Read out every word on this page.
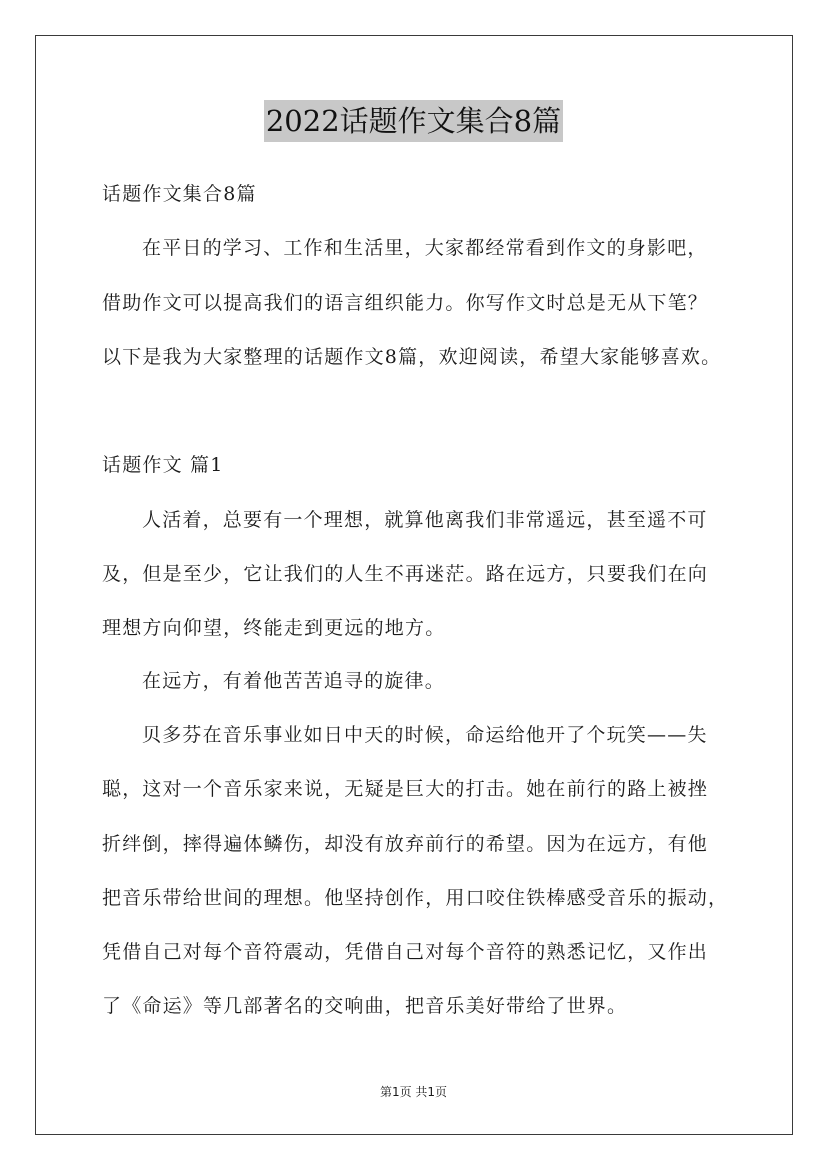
2022话题作文集合8篇
话题作文集合8篇
在平日的学习、工作和生活里，大家都经常看到作文的身影吧，
借助作文可以提高我们的语言组织能力。你写作文时总是无从下笔？
以下是我为大家整理的话题作文8篇，欢迎阅读，希望大家能够喜欢。
话题作文 篇1
人活着，总要有一个理想，就算他离我们非常遥远，甚至遥不可
及，但是至少，它让我们的人生不再迷茫。路在远方，只要我们在向
理想方向仰望，终能走到更远的地方。
在远方，有着他苦苦追寻的旋律。
贝多芬在音乐事业如日中天的时候，命运给他开了个玩笑——失
聪，这对一个音乐家来说，无疑是巨大的打击。她在前行的路上被挫
折绊倒，摔得遍体鳞伤，却没有放弃前行的希望。因为在远方，有他
把音乐带给世间的理想。他坚持创作，用口咬住铁棒感受音乐的振动，
凭借自己对每个音符震动，凭借自己对每个音符的熟悉记忆，又作出
了《命运》等几部著名的交响曲，把音乐美好带给了世界。
第1页 共1页
